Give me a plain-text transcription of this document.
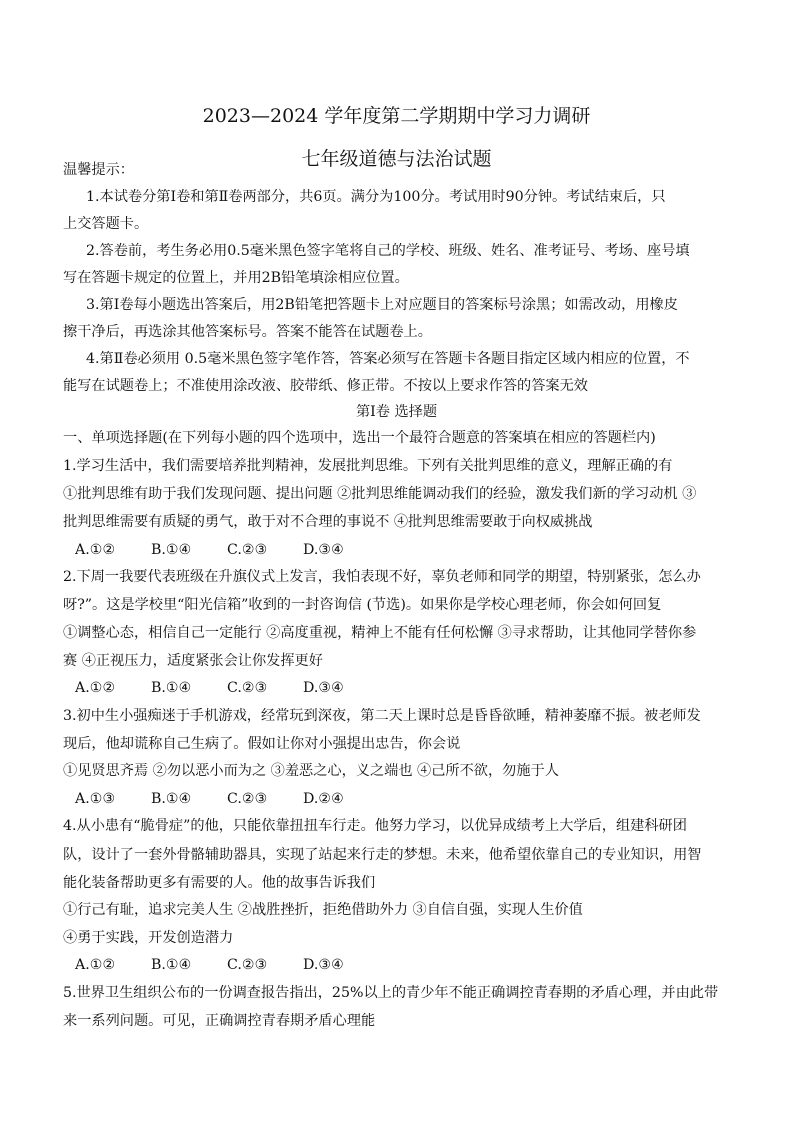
2023—2024 学年度第二学期期中学习力调研
七年级道德与法治试题
温馨提示：
1.本试卷分第Ⅰ卷和第Ⅱ卷两部分，共6页。满分为100分。考试用时90分钟。考试结束后，只
上交答题卡。
2.答卷前，考生务必用0.5毫米黑色签字笔将自己的学校、班级、姓名、准考证号、考场、座号填
写在答题卡规定的位置上，并用2B铅笔填涂相应位置。
3.第Ⅰ卷每小题选出答案后，用2B铅笔把答题卡上对应题目的答案标号涂黑；如需改动，用橡皮
擦干净后，再选涂其他答案标号。答案不能答在试题卷上。
4.第Ⅱ卷必须用 0.5毫米黑色签字笔作答，答案必须写在答题卡各题目指定区域内相应的位置，不
能写在试题卷上；不准使用涂改液、胶带纸、修正带。不按以上要求作答的答案无效
第Ⅰ卷 选择题
一、单项选择题(在下列每小题的四个选项中，选出一个最符合题意的答案填在相应的答题栏内)
1.学习生活中，我们需要培养批判精神，发展批判思维。下列有关批判思维的意义，理解正确的有
①批判思维有助于我们发现问题、提出问题 ②批判思维能调动我们的经验，激发我们新的学习动机 ③
批判思维需要有质疑的勇气，敢于对不合理的事说不 ④批判思维需要敢于向权威挑战
A.①②	B.①④	C.②③	D.③④
2.下周一我要代表班级在升旗仪式上发言，我怕表现不好，辜负老师和同学的期望，特别紧张，怎么办
呀?”。这是学校里“阳光信箱”收到的一封咨询信 (节选)。如果你是学校心理老师，你会如何回复
①调整心态，相信自己一定能行 ②高度重视，精神上不能有任何松懈 ③寻求帮助，让其他同学替你参
赛 ④正视压力，适度紧张会让你发挥更好
A.①②	B.①④	C.②③	D.③④
3.初中生小强痴迷于手机游戏，经常玩到深夜，第二天上课时总是昏昏欲睡，精神萎靡不振。被老师发
现后，他却谎称自己生病了。假如让你对小强提出忠告，你会说
①见贤思齐焉 ②勿以恶小而为之 ③羞恶之心，义之端也 ④己所不欲，勿施于人
A.①③	B.①④	C.②③	D.②④
4.从小患有“脆骨症”的他，只能依靠扭扭车行走。他努力学习，以优异成绩考上大学后，组建科研团
队，设计了一套外骨骼辅助器具，实现了站起来行走的梦想。未来，他希望依靠自己的专业知识，用智
能化装备帮助更多有需要的人。他的故事告诉我们
①行己有耻，追求完美人生 ②战胜挫折，拒绝借助外力 ③自信自强，实现人生价值
④勇于实践，开发创造潜力
A.①②	B.①④	C.②③	D.③④
5.世界卫生组织公布的一份调查报告指出，25%以上的青少年不能正确调控青春期的矛盾心理，并由此带
来一系列问题。可见，正确调控青春期矛盾心理能
